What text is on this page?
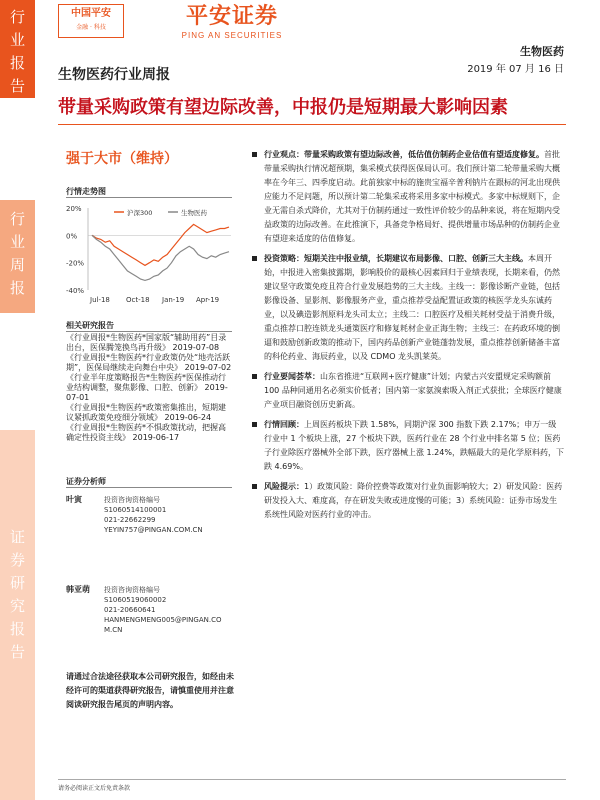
行
业
报
告
行
业
周
报
证
券
研
究
报
告
中国平安
金融 · 科技	平安证券
PING AN SECURITIES
生物医药
2019 年 07 月 16 日
生物医药行业周报
带量采购政策有望边际改善，中报仍是短期最大影响因素
强于大市（维持）
行情走势图
20%
0%
-20%
-40%
Jul-18 Oct-18 Jan-19 Apr-19
沪深300	生物医药
相关研究报告
《行业周报*生物医药*国家版“辅助用药”目录出台，医保腾笼换鸟再升级》 2019-07-08
《行业周报*生物医药*行业政策仍处“地壳活跃期”，医保局继续走向舞台中央》 2019-07-02
《行业半年度策略报告*生物医药*医保推动行业结构调整，聚焦影像、口腔、创新》 2019-07-01
《行业周报*生物医药*政策密集推出，短期建议紧抓政策免疫细分领域》 2019-06-24
《行业周报*生物医药*不惧政策扰动，把握高确定性投资主线》 2019-06-17
证券分析师
叶寅	投资咨询资格编号
S1060514100001
021-22662299
YEYIN757@PINGAN.COM.CN
韩亚萌	投资咨询资格编号
S1060519060002
021-20660641
HANMENGMENG005@PINGAN.CO
M.CN
请通过合法途径获取本公司研究报告，如经由未经许可的渠道获得研究报告，请慎重使用并注意阅读研究报告尾页的声明内容。
行业观点：带量采购政策有望边际改善，低估值仿制药企业估值有望适度修复。首批带量采购执行情况超预期，集采模式获得医保局认可。我们预计第二轮带量采购大概率在今年三、四季度启动。此前独家中标的施贵宝福辛普利钠片在跟标的河北出现供应能力不足问题，所以预计第二轮集采或将采用多家中标模式。多家中标规则下，企业无需自杀式降价，尤其对于仿制药通过一致性评价较少的品种来说，将在短期内受益政策的边际改善。在此推演下，具备竞争格局好、提供增量市场品种的仿制药企业有望迎来适度的估值修复。
投资策略：短期关注中报业绩，长期建议布局影像、口腔、创新三大主线。本周开始，中报进入密集披露期，影响股价的最核心因素回归于业绩表现，长期来看，仍然建议坚守政策免疫且符合行业发展趋势的三大主线。主线一：影像诊断产业链，包括影像设备、显影剂、影像服务产业，重点推荐受益配置证政策的核医学龙头东诚药业，以及碘造影剂原料龙头司太立；主线二：口腔医疗及相关耗材受益于消费升级，重点推荐口腔连锁龙头通策医疗和修复耗材企业正海生物；主线三：在药政环境的倒逼和鼓励创新政策的推动下，国内药品创新产业链蓬勃发展，重点推荐创新储备丰富的科伦药业、海辰药业，以及 CDMO 龙头凯莱英。
行业要闻荟萃：山东省推进“互联网+医疗健康”计划；内蒙古兴安盟规定采购额前 100 品种同通用名必须实价低者；国内第一家氨溴索吸入剂正式获批；全球医疗健康产业项目融资创历史新高。
行情回顾：上周医药板块下跌 1.58%，同期沪深 300 指数下跌 2.17%；申万一级行业中 1 个板块上涨，27 个板块下跌，医药行业在 28 个行业中排名第 5 位；医药子行业除医疗器械外全部下跌，医疗器械上涨 1.24%，跌幅最大的是化学原料药，下跌 4.69%。
风险提示：1）政策风险：降价控费等政策对行业负面影响较大；2）研发风险：医药研发投入大、难度高，存在研发失败或进度慢的可能；3）系统风险：证券市场发生系统性风险对医药行业的冲击。
请务必阅读正文后免责条款
